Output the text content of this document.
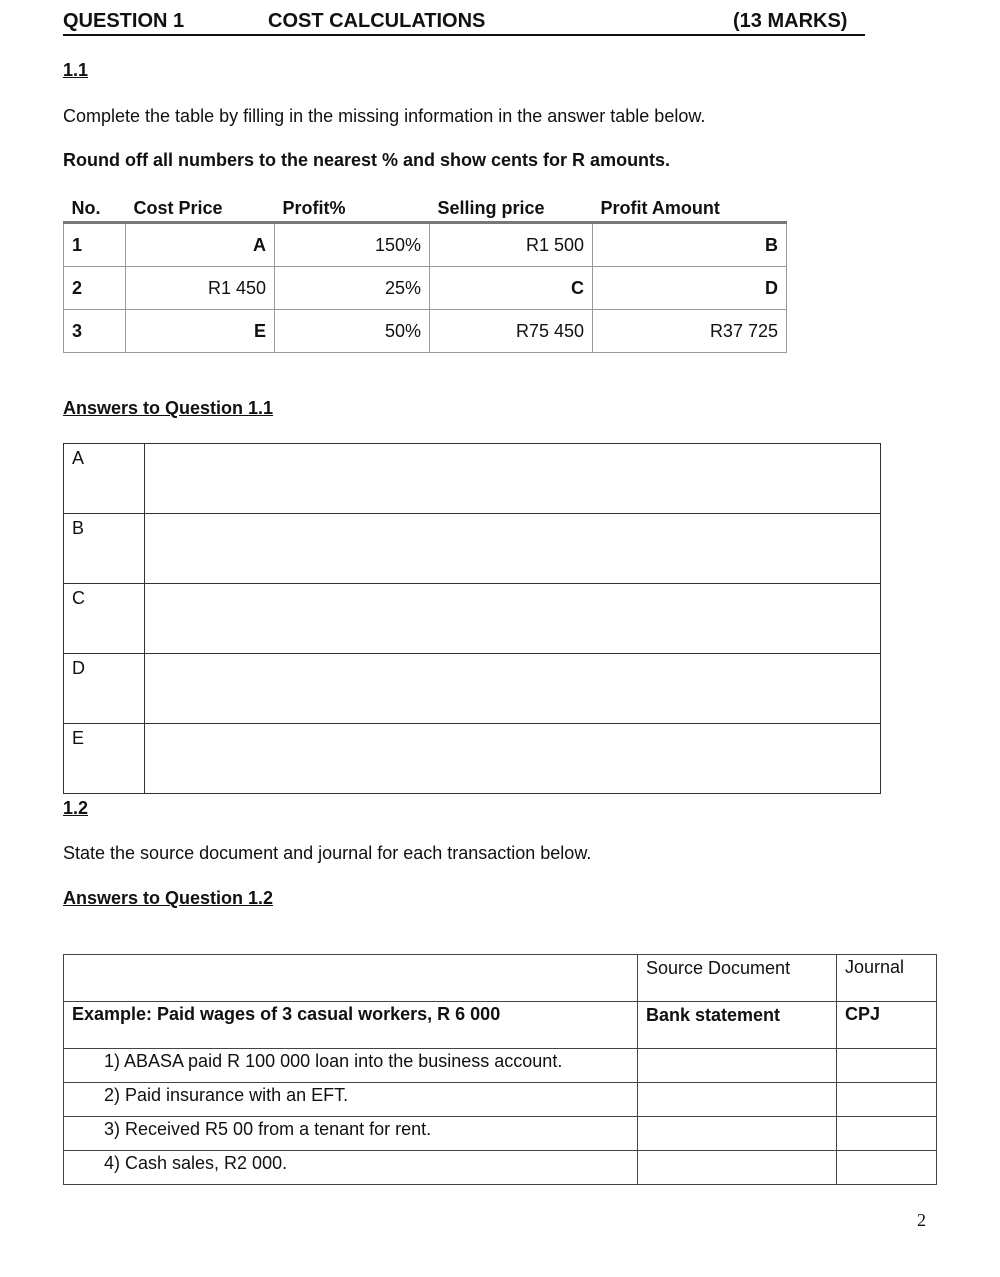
QUESTION 1	COST CALCULATIONS	(13 MARKS)
1.1
Complete the table by filling in the missing information in the answer table below.
Round off all numbers to the nearest % and show cents for R amounts.
No.	Cost Price	Profit%	Selling price	Profit Amount
1	A	150%	R1 500	B
2	R1 450	25%	C	D
3	E	50%	R75 450	R37 725
Answers to Question 1.1
A	
B	
C	
D	
E	
1.2
State the source document and journal for each transaction below.
Answers to Question 1.2
	Source Document	Journal
Example: Paid wages of 3 casual workers, R 6 000	Bank statement	CPJ
1) ABASA paid R 100 000 loan into the business account.		
2) Paid insurance with an EFT.		
3) Received R5 00 from a tenant for rent.		
4) Cash sales, R2 000.		
2
